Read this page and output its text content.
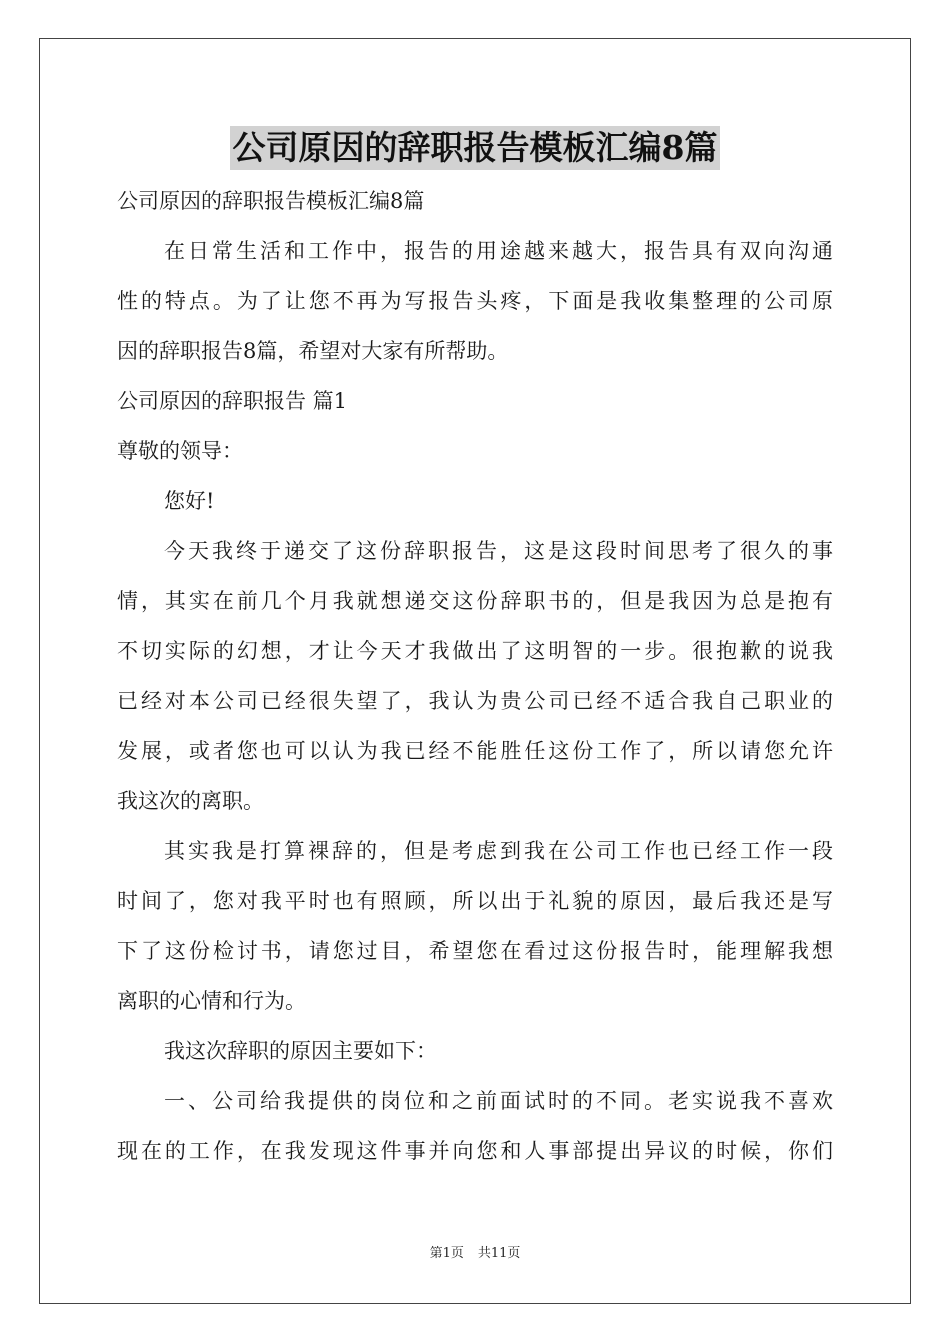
公司原因的辞职报告模板汇编8篇
公司原因的辞职报告模板汇编8篇
在日常生活和工作中，报告的用途越来越大，报告具有双向沟通
性的特点。为了让您不再为写报告头疼，下面是我收集整理的公司原
因的辞职报告8篇，希望对大家有所帮助。
公司原因的辞职报告 篇1
尊敬的领导：
您好!
今天我终于递交了这份辞职报告，这是这段时间思考了很久的事
情，其实在前几个月我就想递交这份辞职书的，但是我因为总是抱有
不切实际的幻想，才让今天才我做出了这明智的一步。很抱歉的说我
已经对本公司已经很失望了，我认为贵公司已经不适合我自己职业的
发展，或者您也可以认为我已经不能胜任这份工作了，所以请您允许
我这次的离职。
其实我是打算裸辞的，但是考虑到我在公司工作也已经工作一段
时间了，您对我平时也有照顾，所以出于礼貌的原因，最后我还是写
下了这份检讨书，请您过目，希望您在看过这份报告时，能理解我想
离职的心情和行为。
我这次辞职的原因主要如下：
一、公司给我提供的岗位和之前面试时的不同。老实说我不喜欢
现在的工作，在我发现这件事并向您和人事部提出异议的时候，你们
第1页 共11页
